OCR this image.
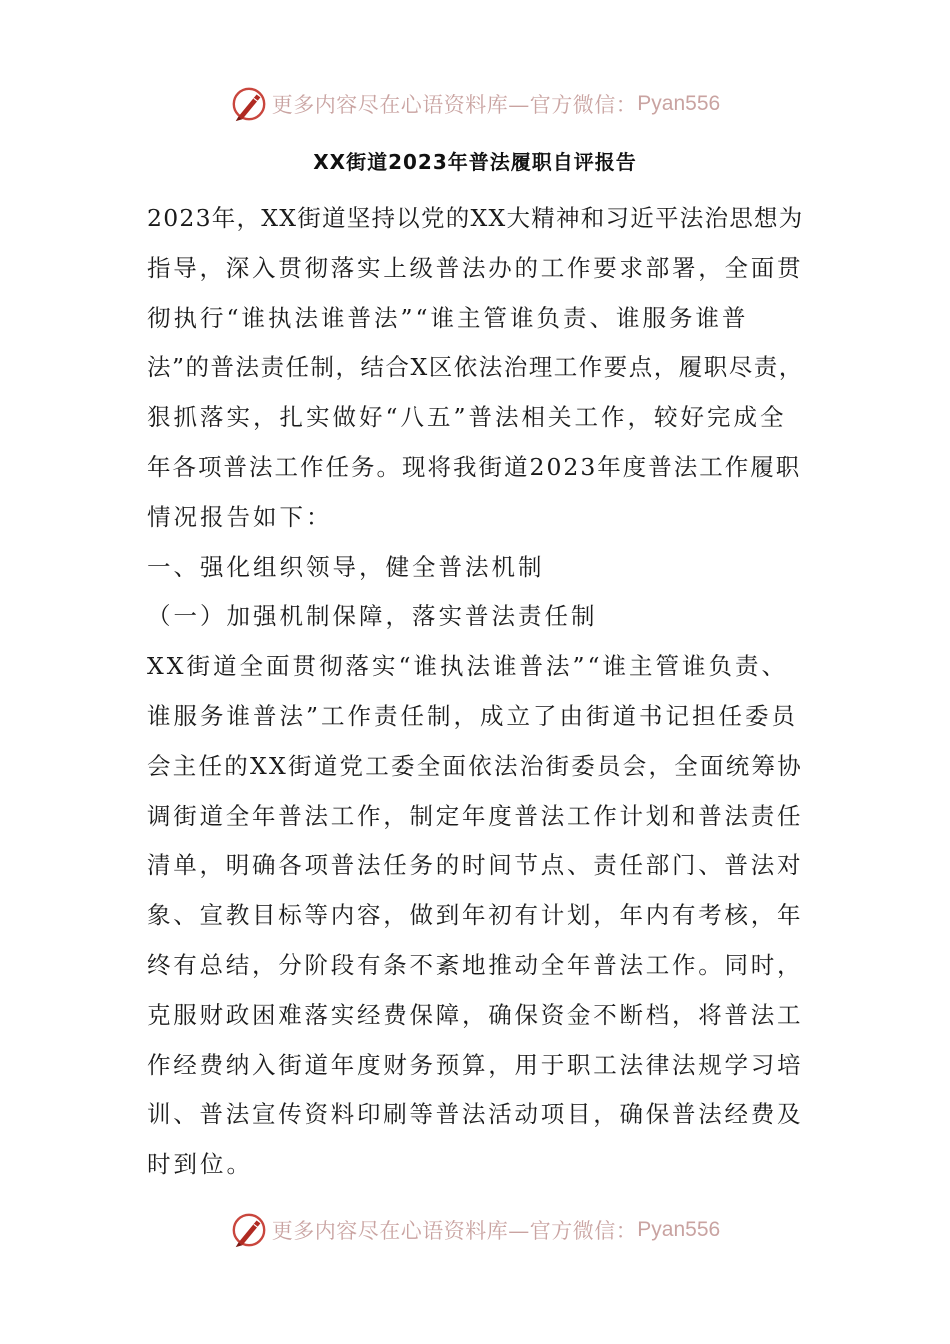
更多内容尽在心语资料库—官方微信： Pyan556
XX街道2023年普法履职自评报告
2023年，XX街道坚持以党的XX大精神和习近平法治思想为
指导，深入贯彻落实上级普法办的工作要求部署，全面贯
彻执行“谁执法谁普法”“谁主管谁负责、谁服务谁普
法”的普法责任制，结合X区依法治理工作要点，履职尽责，
狠抓落实，扎实做好“八五”普法相关工作，较好完成全
年各项普法工作任务。现将我街道2023年度普法工作履职
情况报告如下：
一、强化组织领导，健全普法机制
（一）加强机制保障，落实普法责任制
XX街道全面贯彻落实“谁执法谁普法”“谁主管谁负责、
谁服务谁普法”工作责任制，成立了由街道书记担任委员
会主任的XX街道党工委全面依法治街委员会，全面统筹协
调街道全年普法工作，制定年度普法工作计划和普法责任
清单，明确各项普法任务的时间节点、责任部门、普法对
象、宣教目标等内容，做到年初有计划，年内有考核，年
终有总结，分阶段有条不紊地推动全年普法工作。同时，
克服财政困难落实经费保障，确保资金不断档，将普法工
作经费纳入街道年度财务预算，用于职工法律法规学习培
训、普法宣传资料印刷等普法活动项目，确保普法经费及
时到位。
更多内容尽在心语资料库—官方微信： Pyan556
